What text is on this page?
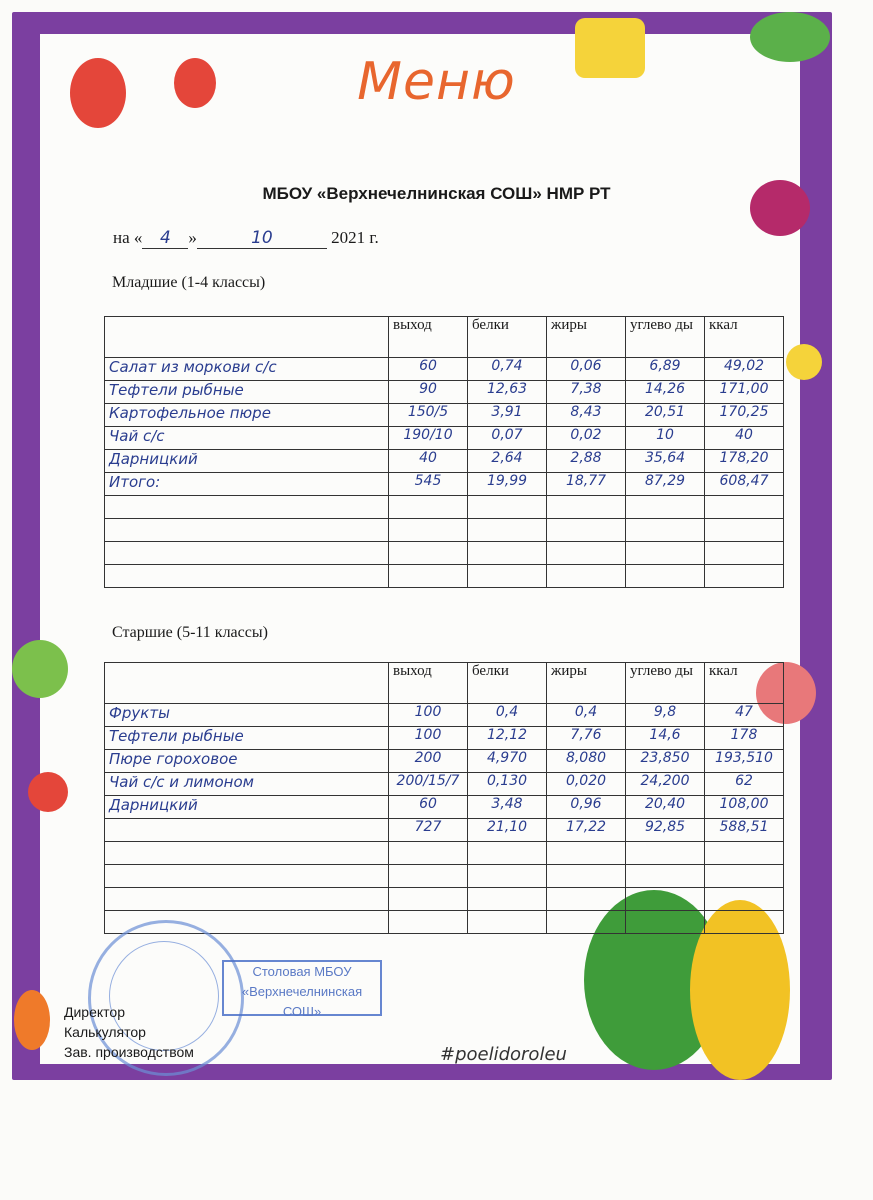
Меню
МБОУ «Верхнечелнинская СОШ» НМР РТ
на « 4 »	10	2021 г.
Младшие (1-4 классы)
	выход	белки	жиры	углево ды	ккал
Салат из моркови с/с	60	0,74	0,06	6,89	49,02
Тефтели рыбные	90	12,63	7,38	14,26	171,00
Картофельное пюре	150/5	3,91	8,43	20,51	170,25
Чай с/с	190/10	0,07	0,02	10	40
Дарницкий	40	2,64	2,88	35,64	178,20
Итого:	545	19,99	18,77	87,29	608,47

Старшие (5-11 классы)
	выход	белки	жиры	углево ды	ккал
Фрукты	100	0,4	0,4	9,8	47
Тефтели рыбные	100	12,12	7,76	14,6	178
Пюре гороховое	200	4,970	8,080	23,850	193,510
Чай с/с и лимоном	200/15/7	0,130	0,020	24,200	62
Дарницкий	60	3,48	0,96	20,40	108,00
	727	21,10	17,22	92,85	588,51

Столовая МБОУ
«Верхнечелнинская СОШ»
Директор
Калькулятор
Зав. производством	#poelidoroleu
